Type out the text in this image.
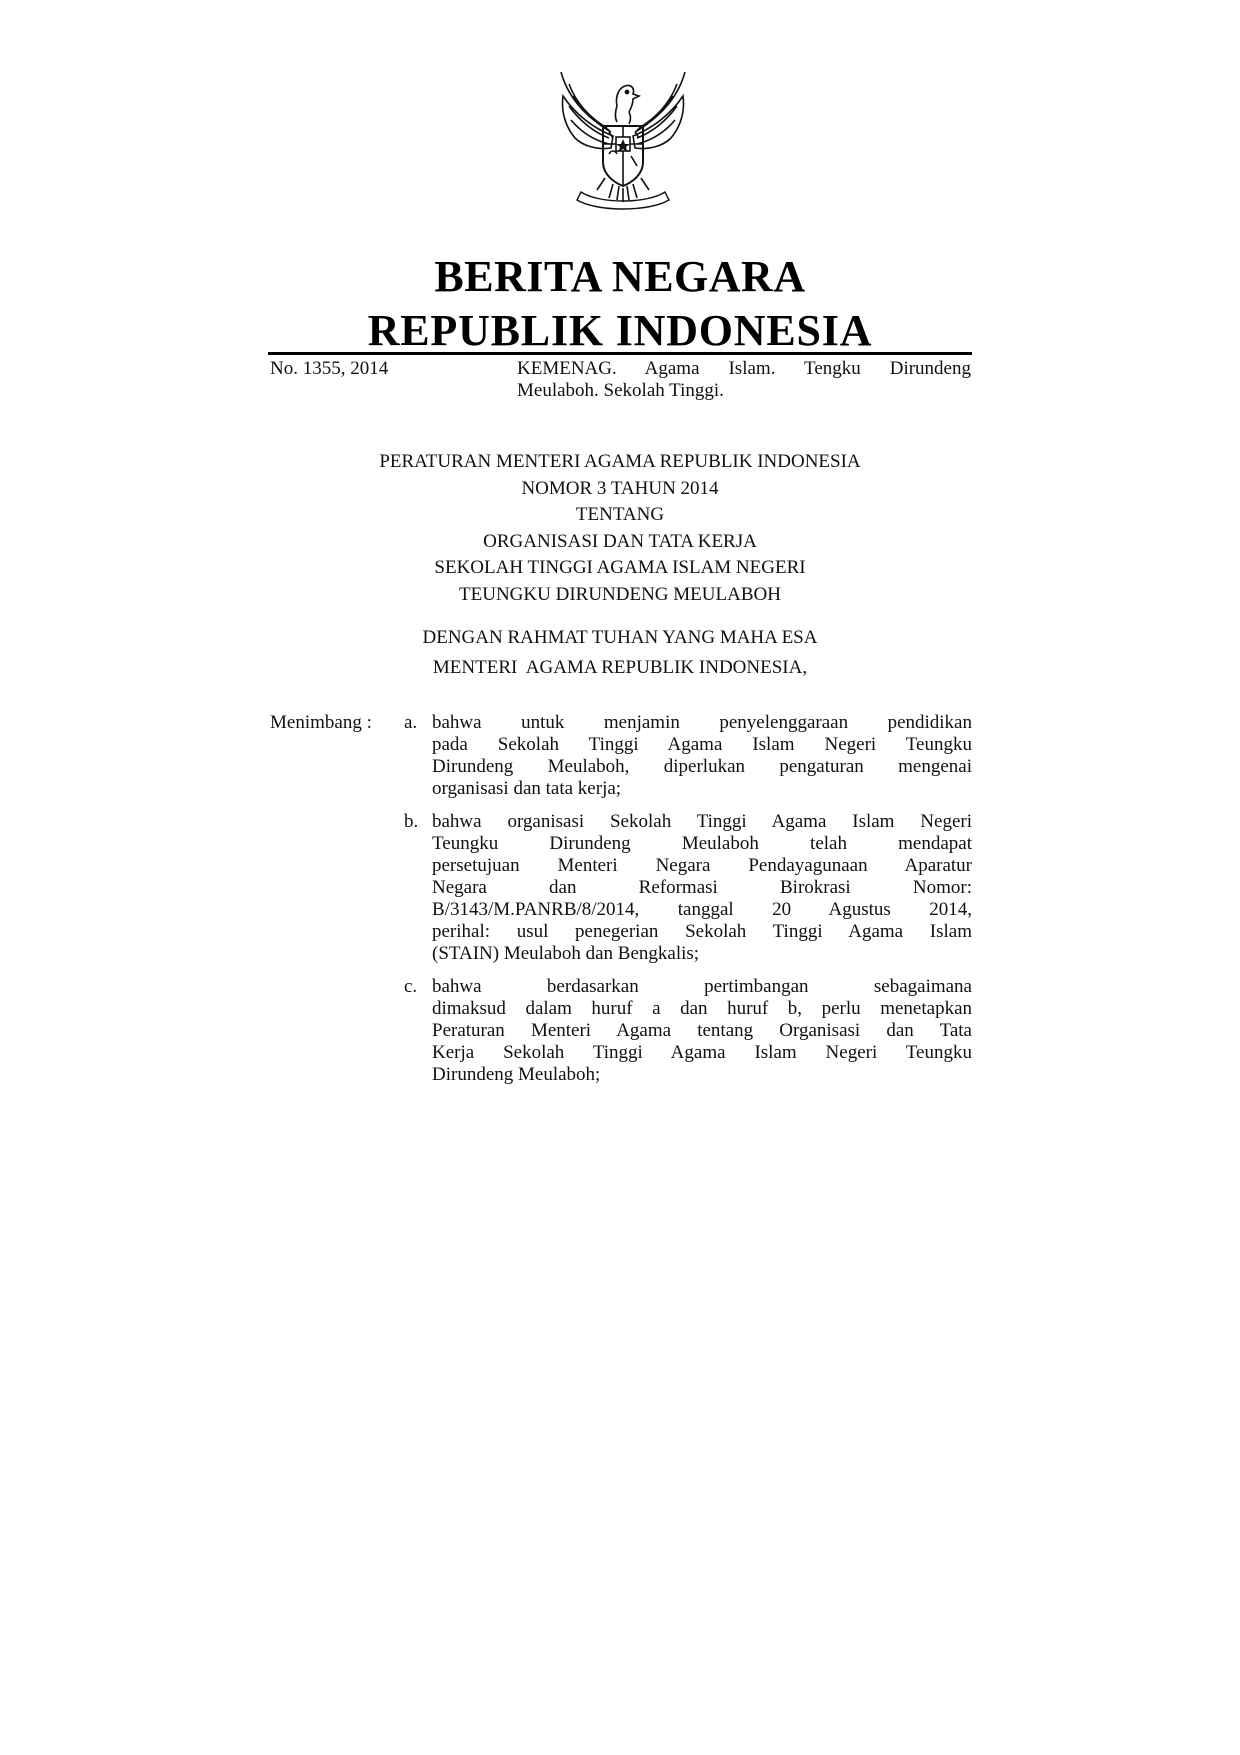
BERITA NEGARA
REPUBLIK INDONESIA
No. 1355, 2014	KEMENAG. Agama Islam. Tengku Dirundeng
Meulaboh. Sekolah Tinggi.
PERATURAN MENTERI AGAMA REPUBLIK INDONESIA
NOMOR 3 TAHUN 2014
TENTANG
ORGANISASI DAN TATA KERJA
SEKOLAH TINGGI AGAMA ISLAM NEGERI
TEUNGKU DIRUNDENG MEULABOH
DENGAN RAHMAT TUHAN YANG MAHA ESA
MENTERI  AGAMA REPUBLIK INDONESIA,
Menimbang : a. bahwa untuk menjamin penyelenggaraan pendidikan
pada Sekolah Tinggi Agama Islam Negeri Teungku
Dirundeng Meulaboh, diperlukan pengaturan mengenai
organisasi dan tata kerja;
b. bahwa organisasi Sekolah Tinggi Agama Islam Negeri
Teungku Dirundeng Meulaboh telah mendapat
persetujuan Menteri Negara Pendayagunaan Aparatur
Negara dan Reformasi Birokrasi Nomor:
B/3143/M.PANRB/8/2014, tanggal 20 Agustus 2014,
perihal: usul penegerian Sekolah Tinggi Agama Islam
(STAIN) Meulaboh dan Bengkalis;
c. bahwa berdasarkan pertimbangan sebagaimana
dimaksud dalam huruf a dan huruf b, perlu menetapkan
Peraturan Menteri Agama tentang Organisasi dan Tata
Kerja Sekolah Tinggi Agama Islam Negeri Teungku
Dirundeng Meulaboh;
